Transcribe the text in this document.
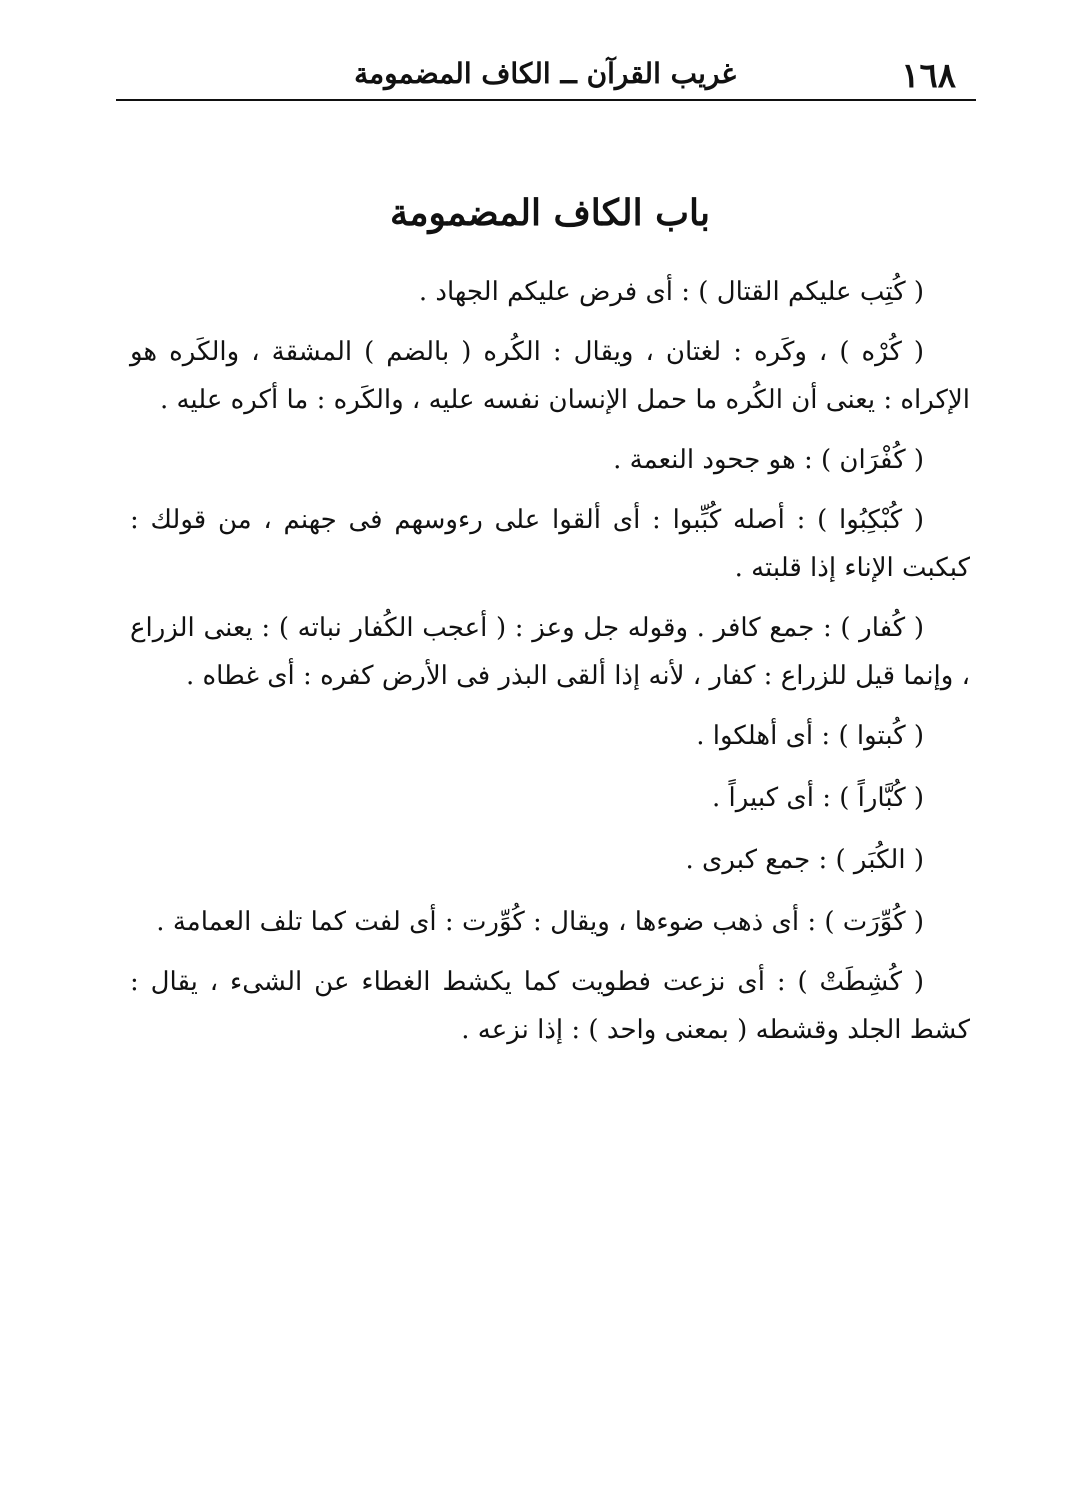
١٦٨
غريب القرآن ــ الكاف المضمومة
باب الكاف المضمومة

( كُتِب عليكم القتال ) : أى فرض عليكم الجهاد .

( كُرْه ) ، وكَره : لغتان ، ويقال : الكُره ( بالضم ) المشقة ، والكَره هو الإكراه : يعنى أن الكُره ما حمل الإنسان نفسه عليه ، والكَره : ما أكره عليه .

( كُفْرَان ) : هو جحود النعمة .

( كُبْكِبُوا ) : أصله كُبِّبوا : أى ألقوا على رءوسهم فى جهنم ، من قولك : كبكبت الإناء إذا قلبته .

( كُفار ) : جمع كافر . وقوله جل وعز : ( أعجب الكُفار نباته ) : يعنى الزراع ، وإنما قيل للزراع : كفار ، لأنه إذا ألقى البذر فى الأرض كفره : أى غطاه .

( كُبتوا ) : أى أهلكوا .

( كُبَّاراً ) : أى كبيراً .

( الكُبَر ) : جمع كبرى .

( كُوِّرَت ) : أى ذهب ضوءها ، ويقال : كُوِّرت : أى لفت كما تلف العمامة .

( كُشِطَتْ ) : أى نزعت فطويت كما يكشط الغطاء عن الشىء ، يقال : كشط الجلد وقشطه ( بمعنى واحد ) : إذا نزعه .
